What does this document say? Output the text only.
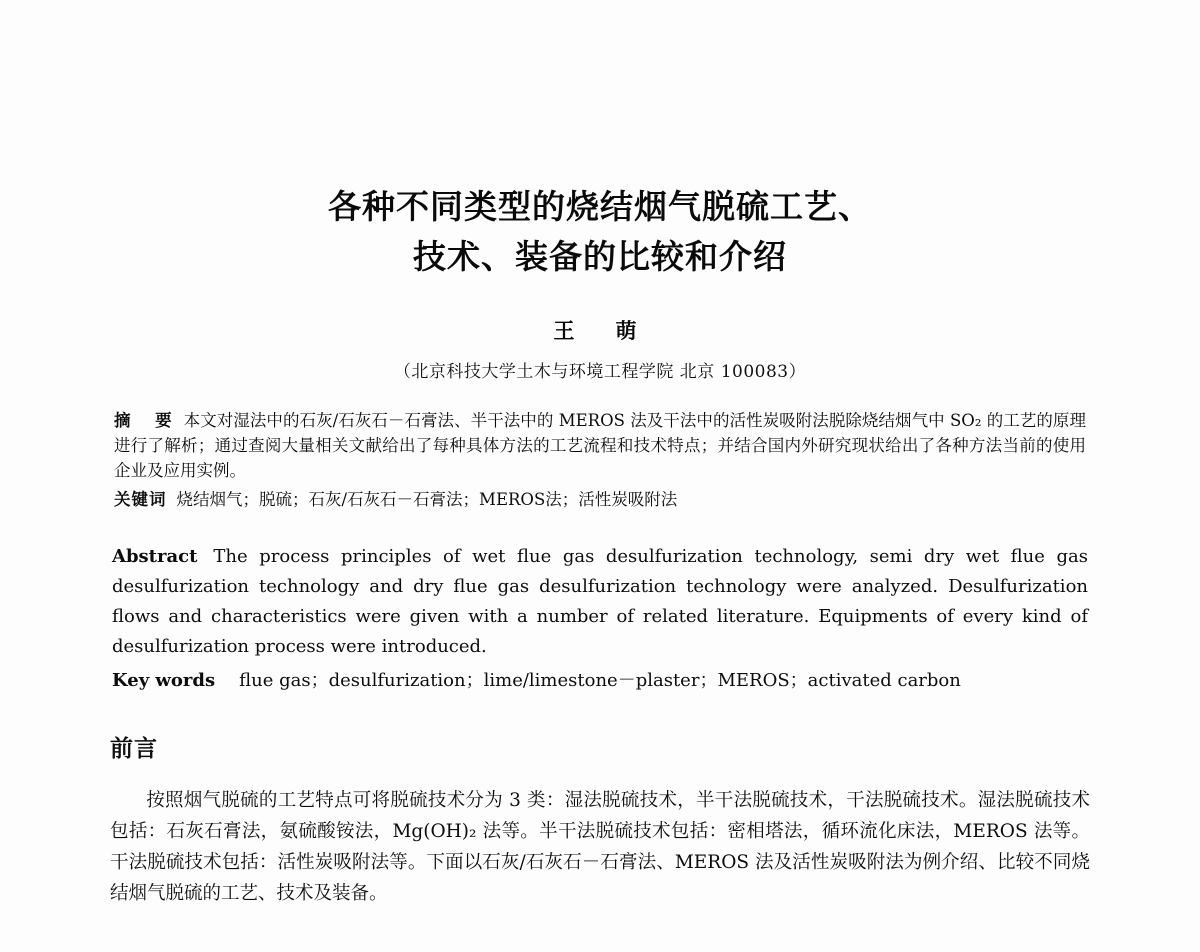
各种不同类型的烧结烟气脱硫工艺、
技术、装备的比较和介绍
王　萌
（北京科技大学土木与环境工程学院 北京 100083）
摘　要 本文对湿法中的石灰/石灰石－石膏法、半干法中的 MEROS 法及干法中的活性炭吸附法脱除烧结烟气中 SO₂ 的工艺的原理进行了解析；通过查阅大量相关文献给出了每种具体方法的工艺流程和技术特点；并结合国内外研究现状给出了各种方法当前的使用企业及应用实例。
关键词 烧结烟气；脱硫；石灰/石灰石－石膏法；MEROS法；活性炭吸附法
Abstract The process principles of wet flue gas desulfurization technology, semi dry wet flue gas desulfurization technology and dry flue gas desulfurization technology were analyzed. Desulfurization flows and characteristics were given with a number of related literature. Equipments of every kind of desulfurization process were introduced.
Key words flue gas；desulfurization；lime/limestone－plaster；MEROS；activated carbon
前言
按照烟气脱硫的工艺特点可将脱硫技术分为 3 类：湿法脱硫技术，半干法脱硫技术，干法脱硫技术。湿法脱硫技术包括：石灰石膏法，氨硫酸铵法，Mg(OH)₂ 法等。半干法脱硫技术包括：密相塔法，循环流化床法，MEROS 法等。干法脱硫技术包括：活性炭吸附法等。下面以石灰/石灰石－石膏法、MEROS 法及活性炭吸附法为例介绍、比较不同烧结烟气脱硫的工艺、技术及装备。
